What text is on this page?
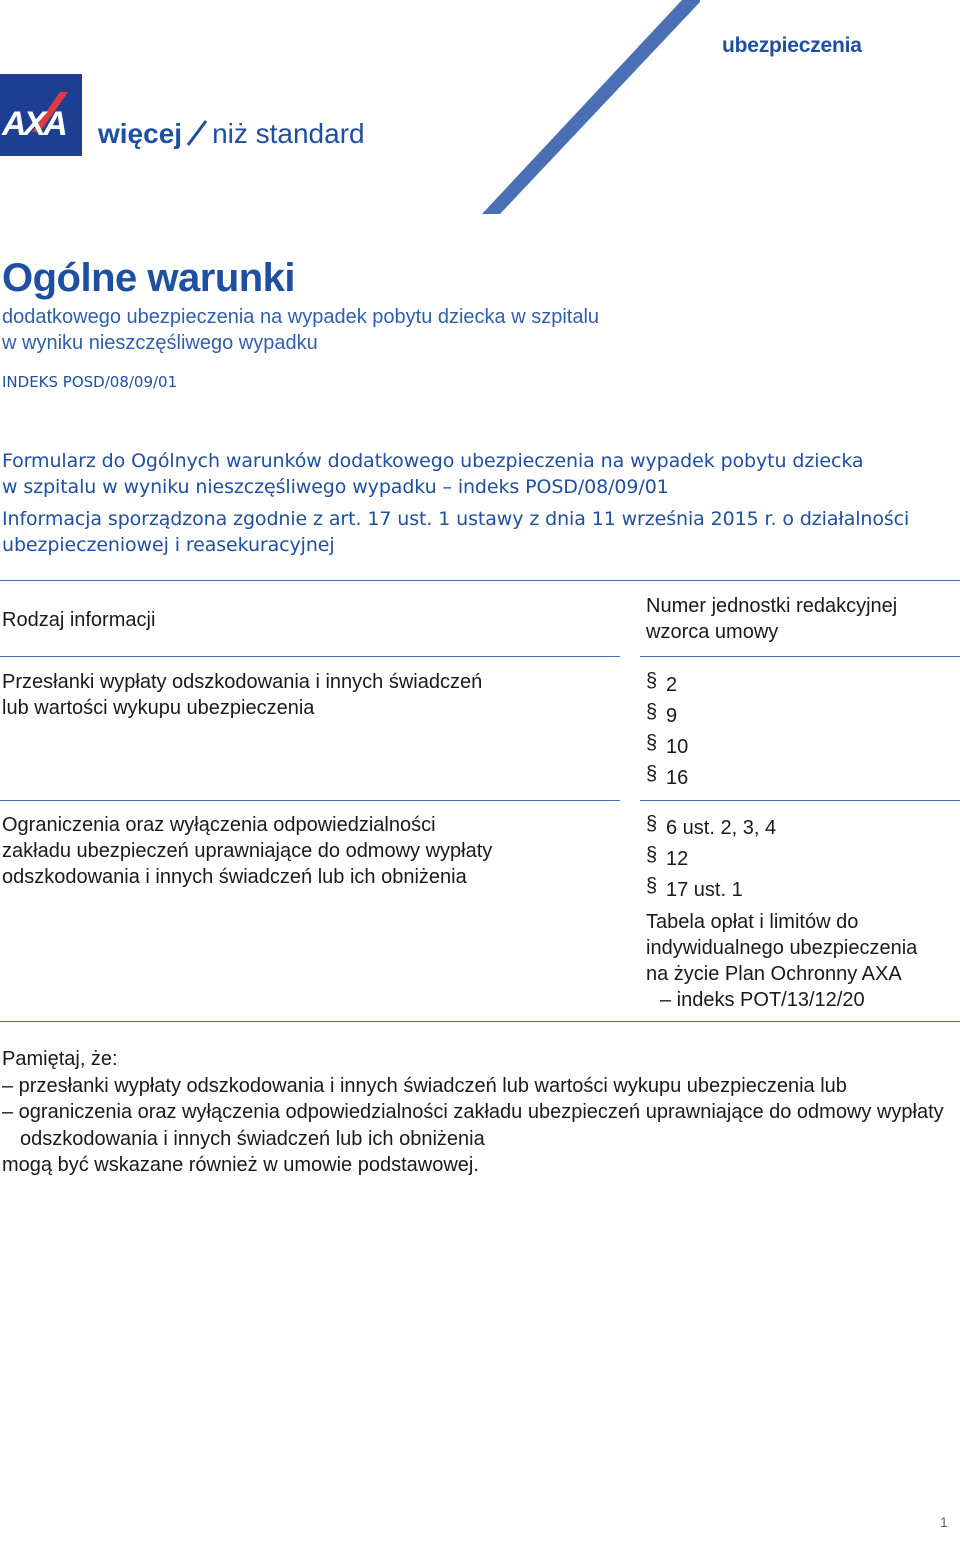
ubezpieczenia
AXA więcej niż standard
Ogólne warunki
dodatkowego ubezpieczenia na wypadek pobytu dziecka w szpitalu
w wyniku nieszczęśliwego wypadku
INDEKS POSD/08/09/01
Formularz do Ogólnych warunków dodatkowego ubezpieczenia na wypadek pobytu dziecka
w szpitalu w wyniku nieszczęśliwego wypadku – indeks POSD/08/09/01
Informacja sporządzona zgodnie z art. 17 ust. 1 ustawy z dnia 11 września 2015 r. o działalności
ubezpieczeniowej i reasekuracyjnej
Rodzaj informacji
Numer jednostki redakcyjnej
wzorca umowy
Przesłanki wypłaty odszkodowania i innych świadczeń
lub wartości wykupu ubezpieczenia
§ 2
§ 9
§ 10
§ 16
Ograniczenia oraz wyłączenia odpowiedzialności
zakładu ubezpieczeń uprawniające do odmowy wypłaty
odszkodowania i innych świadczeń lub ich obniżenia
§ 6 ust. 2, 3, 4
§ 12
§ 17 ust. 1
Tabela opłat i limitów do
indywidualnego ubezpieczenia
na życie Plan Ochronny AXA
– indeks POT/13/12/20
Pamiętaj, że:
– przesłanki wypłaty odszkodowania i innych świadczeń lub wartości wykupu ubezpieczenia lub
– ograniczenia oraz wyłączenia odpowiedzialności zakładu ubezpieczeń uprawniające do odmowy wypłaty odszkodowania i innych świadczeń lub ich obniżenia
mogą być wskazane również w umowie podstawowej.
1
